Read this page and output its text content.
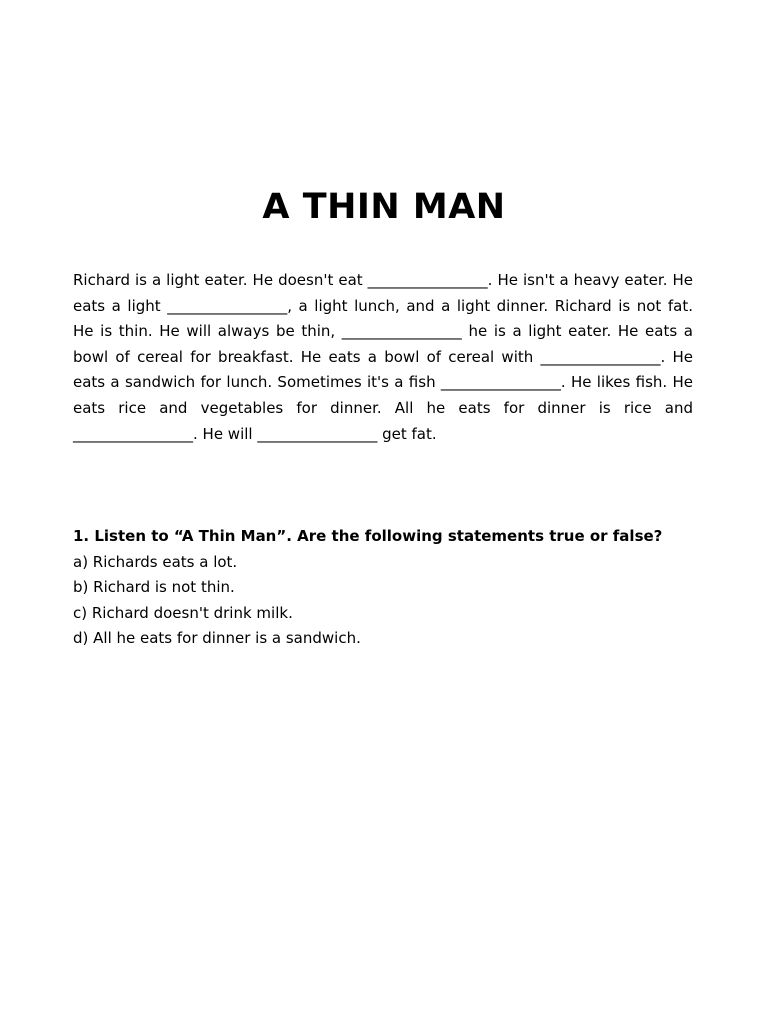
A THIN MAN

Richard is a light eater. He doesn't eat ________________. He isn't a heavy eater. He eats a light ________________, a light lunch, and a light dinner. Richard is not fat. He is thin. He will always be thin, ________________ he is a light eater. He eats a bowl of cereal for breakfast. He eats a bowl of cereal with ________________. He eats a sandwich for lunch. Sometimes it's a fish ________________. He likes fish. He eats rice and vegetables for dinner. All he eats for dinner is rice and ________________. He will ________________ get fat.

1. Listen to “A Thin Man”. Are the following statements true or false?
a) Richards eats a lot.
b) Richard is not thin.
c) Richard doesn't drink milk.
d) All he eats for dinner is a sandwich.
